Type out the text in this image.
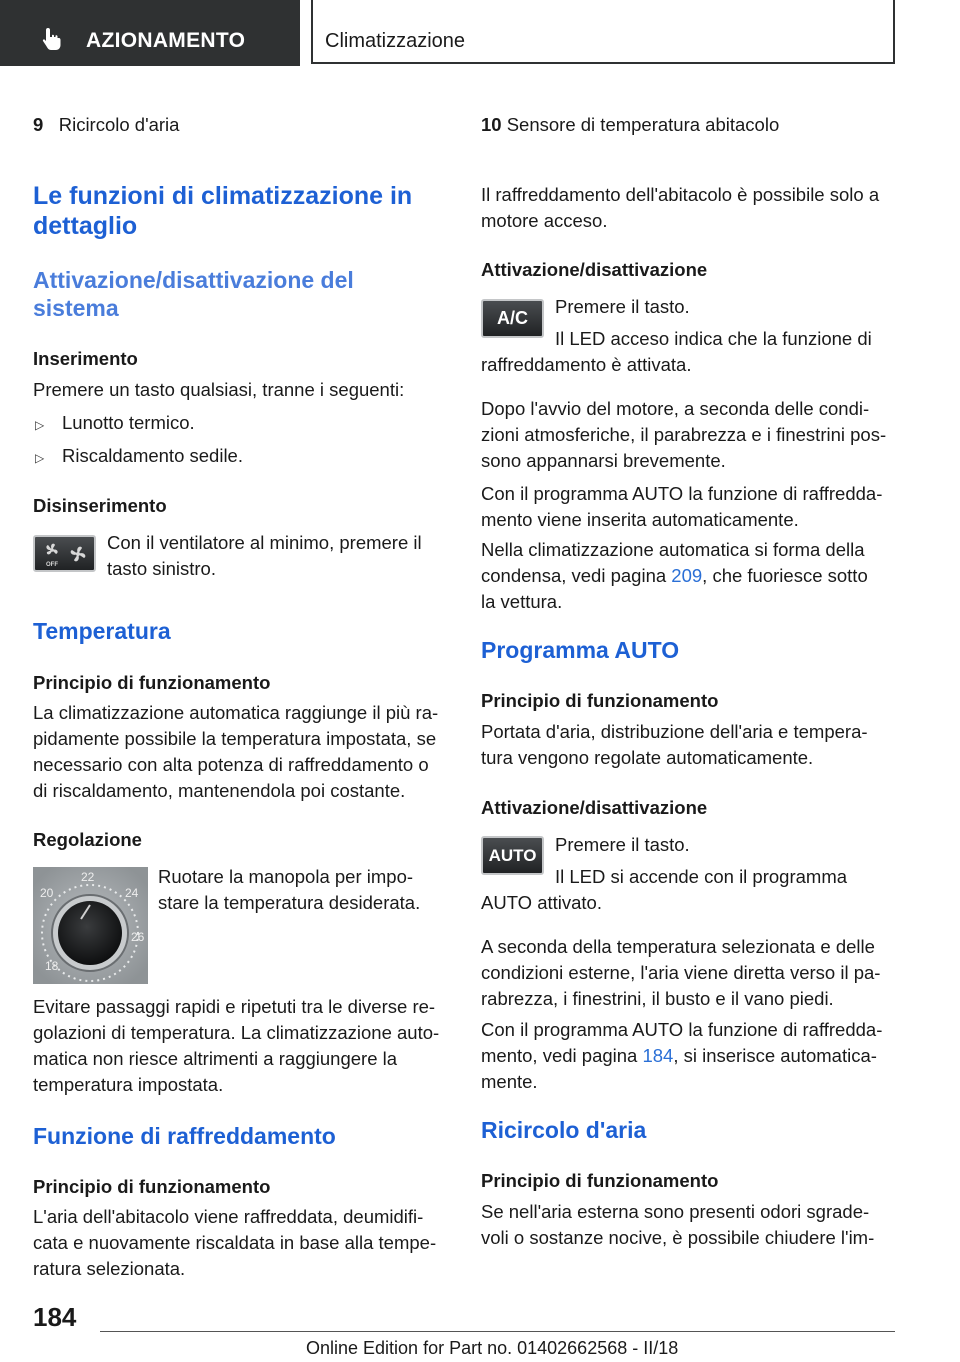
AZIONAMENTO	Climatizzazione

9 Ricircolo d'aria

Le funzioni di climatizzazione in
dettaglio
Attivazione/disattivazione del
sistema
Inserimento

Premere un tasto qualsiasi, tranne i seguenti:

▷ Lunotto termico.

▷ Riscaldamento sedile.

Disinserimento
OFF

Con il ventilatore al minimo, premere il

tasto sinistro.

Temperatura
Principio di funzionamento

La climatizzazione automatica raggiunge il più ra-

pidamente possibile la temperatura impostata, se

necessario con alta potenza di raffreddamento o

di riscaldamento, mantenendola poi costante.

Regolazione
18
20
22
24
26

Ruotare la manopola per impo-

stare la temperatura desiderata.

Evitare passaggi rapidi e ripetuti tra le diverse re-

golazioni di temperatura. La climatizzazione auto-

matica non riesce altrimenti a raggiungere la

temperatura impostata.

Funzione di raffreddamento
Principio di funzionamento

L'aria dell'abitacolo viene raffreddata, deumidifi-

cata e nuovamente riscaldata in base alla tempe-

ratura selezionata.

10 Sensore di temperatura abitacolo

Il raffreddamento dell'abitacolo è possibile solo a

motore acceso.

Attivazione/disattivazione
A/C

Premere il tasto.

Il LED acceso indica che la funzione di

raffreddamento è attivata.

Dopo l'avvio del motore, a seconda delle condi-

zioni atmosferiche, il parabrezza e i finestrini pos-

sono appannarsi brevemente.

Con il programma AUTO la funzione di raffredda-

mento viene inserita automaticamente.

Nella climatizzazione automatica si forma della

condensa, vedi pagina 209, che fuoriesce sotto

la vettura.

Programma AUTO
Principio di funzionamento

Portata d'aria, distribuzione dell'aria e tempera-

tura vengono regolate automaticamente.

Attivazione/disattivazione
AUTO	Premere il tasto.

Il LED si accende con il programma

AUTO attivato.

A seconda della temperatura selezionata e delle

condizioni esterne, l'aria viene diretta verso il pa-

rabrezza, i finestrini, il busto e il vano piedi.

Con il programma AUTO la funzione di raffredda-

mento, vedi pagina 184, si inserisce automatica-

mente.

Ricircolo d'aria
Principio di funzionamento

Se nell'aria esterna sono presenti odori sgrade-

voli o sostanze nocive, è possibile chiudere l'im-

184
Online Edition for Part no. 01402662568 - II/18
